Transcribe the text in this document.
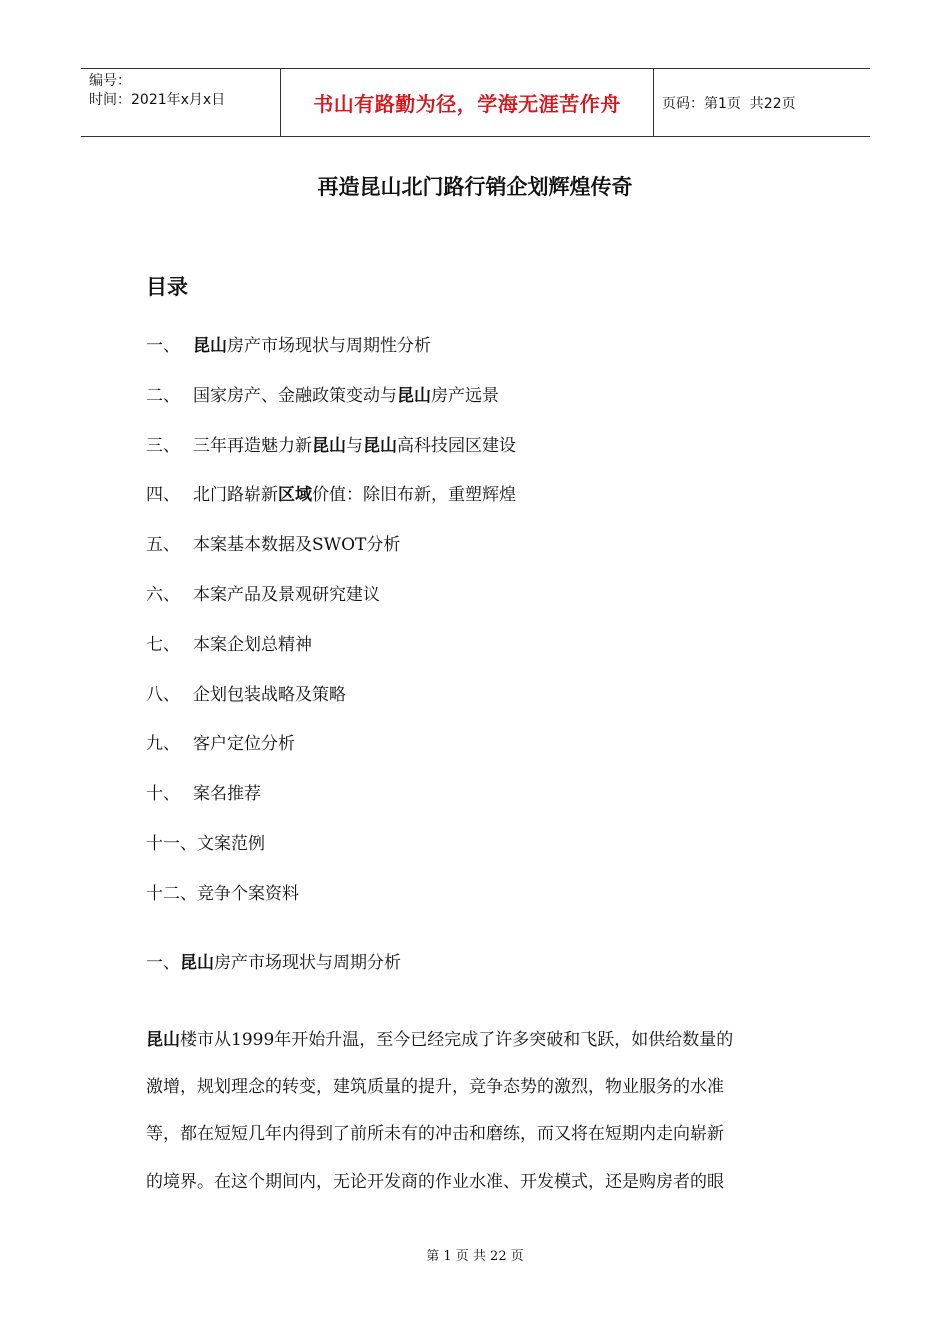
编号：
时间：2021年x月x日	书山有路勤为径，学海无涯苦作舟	页码：第1页  共22页
再造昆山北门路行销企划辉煌传奇
目录
一、 昆山房产市场现状与周期性分析
二、 国家房产、金融政策变动与昆山房产远景
三、 三年再造魅力新昆山与昆山高科技园区建设
四、 北门路崭新区域价值：除旧布新，重塑辉煌
五、 本案基本数据及SWOT分析
六、 本案产品及景观研究建议
七、 本案企划总精神
八、 企划包装战略及策略
九、 客户定位分析
十、 案名推荐
十一、文案范例
十二、竞争个案资料
一、昆山房产市场现状与周期分析
昆山楼市从1999年开始升温，至今已经完成了许多突破和飞跃，如供给数量的
激增，规划理念的转变，建筑质量的提升，竞争态势的激烈，物业服务的水准
等，都在短短几年内得到了前所未有的冲击和磨练，而又将在短期内走向崭新
的境界。在这个期间内，无论开发商的作业水准、开发模式，还是购房者的眼
第 1 页 共 22 页
